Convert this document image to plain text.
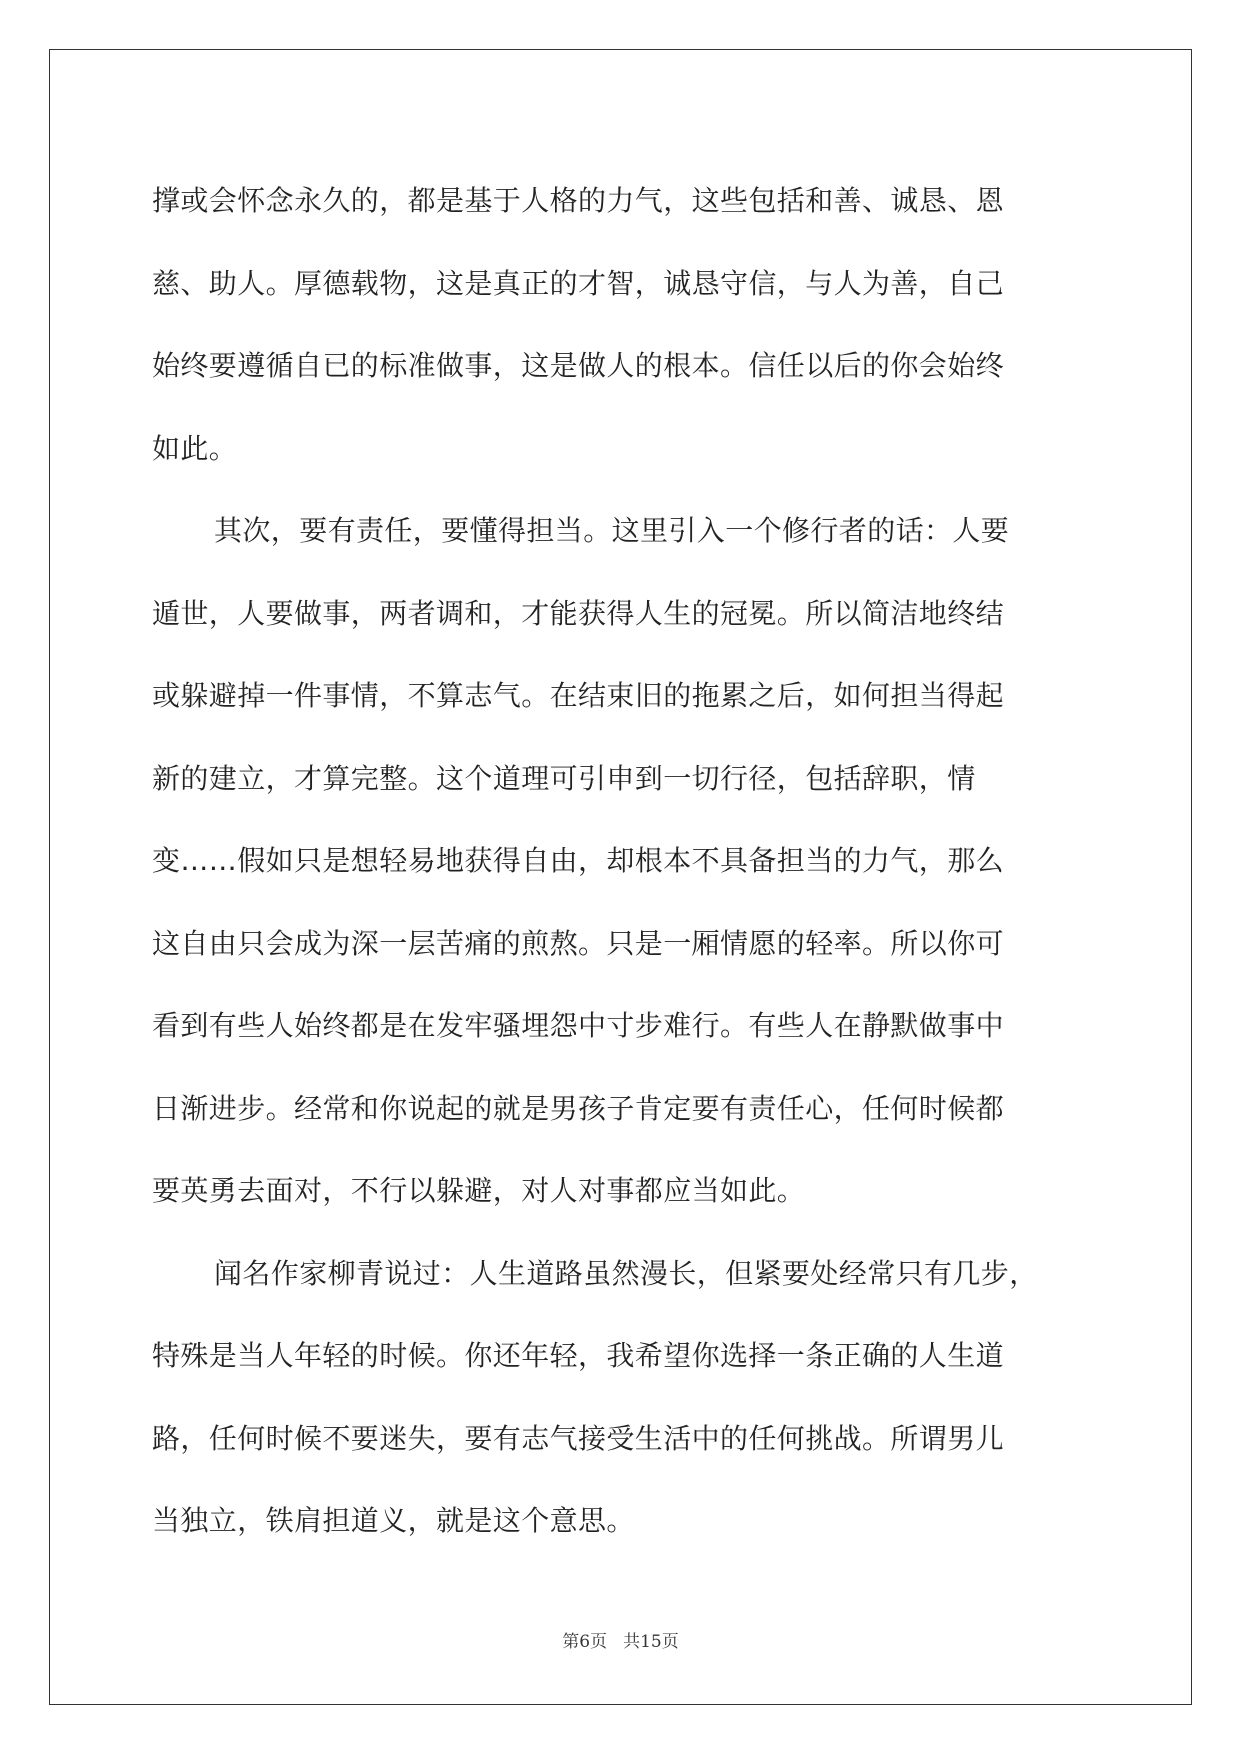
撑或会怀念永久的，都是基于人格的力气，这些包括和善、诚恳、恩
慈、助人。厚德载物，这是真正的才智，诚恳守信，与人为善，自己
始终要遵循自已的标准做事，这是做人的根本。信任以后的你会始终
如此。

其次，要有责任，要懂得担当。这里引入一个修行者的话：人要
遁世，人要做事，两者调和，才能获得人生的冠冕。所以简洁地终结
或躲避掉一件事情，不算志气。在结束旧的拖累之后，如何担当得起
新的建立，才算完整。这个道理可引申到一切行径，包括辞职，情
变……假如只是想轻易地获得自由，却根本不具备担当的力气，那么
这自由只会成为深一层苦痛的煎熬。只是一厢情愿的轻率。所以你可
看到有些人始终都是在发牢骚埋怨中寸步难行。有些人在静默做事中
日渐进步。经常和你说起的就是男孩子肯定要有责任心，任何时候都
要英勇去面对，不行以躲避，对人对事都应当如此。

闻名作家柳青说过：人生道路虽然漫长，但紧要处经常只有几步，
特殊是当人年轻的时候。你还年轻，我希望你选择一条正确的人生道
路，任何时候不要迷失，要有志气接受生活中的任何挑战。所谓男儿
当独立，铁肩担道义，就是这个意思。

第6页 共15页
